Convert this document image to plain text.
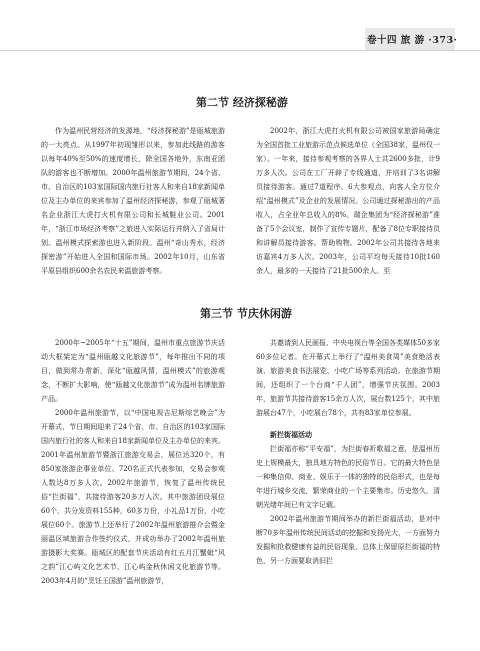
卷十四 旅 游 ·373·
第二节 经济探秘游

作为温州民营经济的发源地，“经济探秘游”是瓯城旅游的一大亮点。从1997年初现雏形以来，参加此线路的游客以每年40%至50%的速度增长，除全国各地外，东南亚团队的游客也不断增加。2000年温州旅游节期间，24个省、市、自治区的103家国际国内旅行社客人和来自18家新闻单位及主办单位的来宾参加了温州经济探秘游，参观了瓯城著名企业浙江大虎打火机有限公司和长城鞋业公司。2001年，“浙江市场经济考察”之旅进入实际运行并纳入了省局计划。温州模式探索游也进入新阶段。温州“奇山秀水，经济探密游”开始进入全国和国际市场。2002年10月，山东省平原县组织600余名农民来温旅游考察。

2002年，浙江大虎打火机有限公司被国家旅游局确定为全国首批工业旅游示范点候选单位（全国38家，温州仅一家）。一年来，接待参观考察的各界人士共2600多批，计9万多人次。公司在工厂开辟了专线通道，并培训了3名讲解员接待游客。通过7道程序、6大参观点，向客人全方位介绍“温州模式”及企业的发展情况。公司通过探秘游出的产品收入，占全业年总收入的8%。瑞企集团为“经济探秘游”准备了5个会议室，制作了宣传专题片，配备了8位专职接待员和讲解员接待游客。帮助购物。2002年公司共接待各地来访嘉宾4万多人次。2003年，公司平均每天接待10批160余人，最多的一天接待了21批500余人。至

第三节 节庆休闲游

2000年~2005年“十五”期间，温州市重点旅游节庆活动大框架定为“温州瓯越文化旅游节”，每年推出不同的项目，做到常办常新，深化“瓯越风情，温州模式”的旅游观念，不断扩大影响，使“瓯越文化旅游节”成为温州名牌旅游产品。

2000年温州旅游节，以“中国电视吉尼斯综艺晚会”为开幕式，节日期间迎来了24个省、市、自治区的103家国际国内旅行社的客人和来自18家新闻单位及主办单位的来宾。2001年温州旅游节暨浙江旅游交易会，展位达320个，有850家旅游企事业单位、720名正式代表参加，交易会参观人数达8万多人次。2002年旅游节，恢复了温州传统民俗“拦街福”，共接待游客20多万人次。其中旅游团设展位60个，共分发资料155种，60多万份，小礼品1万份，小吃展位60个。旅游节上还举行了2002年温州旅游推介会暨金丽温区域旅游合作签约仪式，并成功举办了2002年温州旅游摄影大奖赛。瓯城区的配套节庆活动有红五月江蟹蜓“风之韵”江心屿文化艺术节、江心屿金秋休闲文化旅游节等。2003年4月的“烹饪王国游”温州旅游节，

共邀请到人民画报、中央电视台等全国各类媒体50多家60多位记者。在开幕式上举行了“温州美食周”美食绝活表演、旅游美食书法展览、小吃广场等系列活动。在旅游节期间，还组织了一个台商“千人团”，增强节庆氛围。2003年，旅游节共接待游客15余万人次，展台数125个，其中旅游展台47个，小吃展台78个，共有83家单位参展。

新拦街福活动

拦街福亦称“平安福”，为拦街春祈歌福之意，是温州历史上规模最大，独具地方特色的民俗节日。它的最大特色是一种集信仰、商业、娱乐于一体的独特的民俗形式，也是每年进行城乡交流，繁荣商业的一个主要集市。历史悠久，清朝光绪年间已有文字记载。

2002年温州旅游节期间举办的新拦街福活动，是对中断70多年温州传统民间活动的挖掘和发扬光大，一方面努力发掘和抢救健康有益的民俗现象，总体上保留原拦街福的特色，另一方面要取消旧拦
